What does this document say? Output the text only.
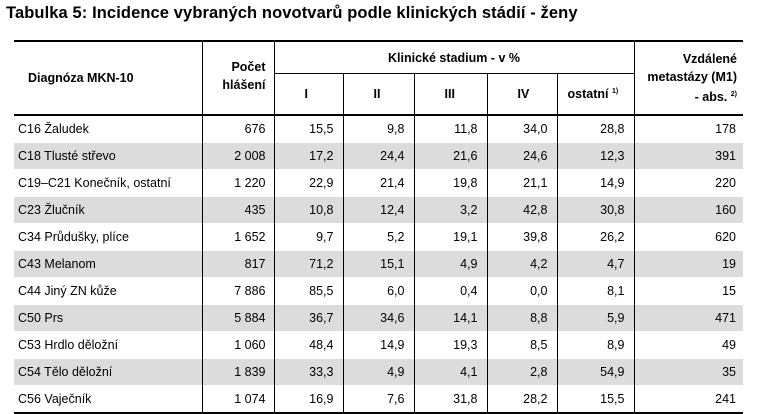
Tabulka 5: Incidence vybraných novotvarů podle klinických stádií - ženy
Diagnóza MKN-10	Počet
hlášení	Klinické stadium - v %					Vzdálené
metastázy (M1)
- abs. $^{2)}$
		I	II	III	IV	ostatní $^{1)}$
C16 Žaludek	676	15,5	9,8	11,8	34,0	28,8	178
C18 Tlusté střevo	2 008	17,2	24,4	21,6	24,6	12,3	391
C19–C21 Konečník, ostatní	1 220	22,9	21,4	19,8	21,1	14,9	220
C23 Žlučník	435	10,8	12,4	3,2	42,8	30,8	160
C34 Průdušky, plíce	1 652	9,7	5,2	19,1	39,8	26,2	620
C43 Melanom	817	71,2	15,1	4,9	4,2	4,7	19
C44 Jiný ZN kůže	7 886	85,5	6,0	0,4	0,0	8,1	15
C50 Prs	5 884	36,7	34,6	14,1	8,8	5,9	471
C53 Hrdlo děložní	1 060	48,4	14,9	19,3	8,5	8,9	49
C54 Tělo děložní	1 839	33,3	4,9	4,1	2,8	54,9	35
C56 Vaječník	1 074	16,9	7,6	31,8	28,2	15,5	241
